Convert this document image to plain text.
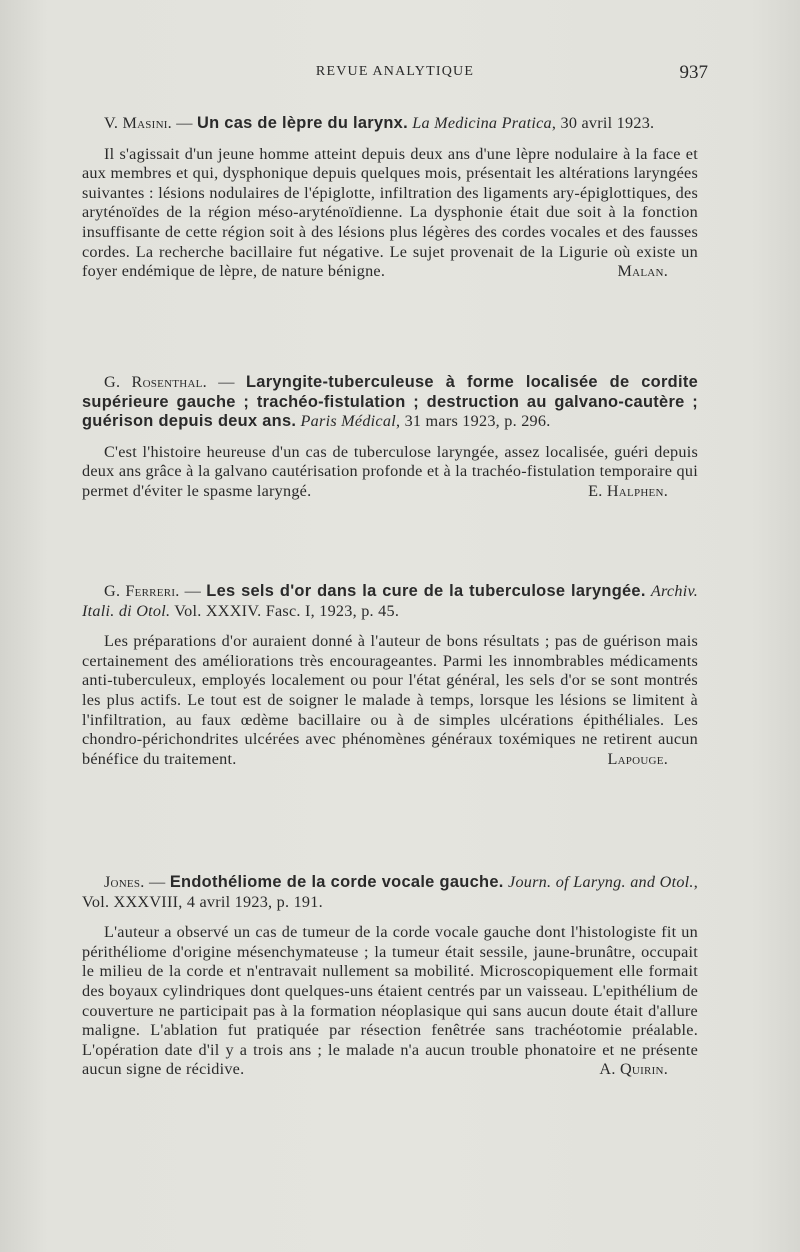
REVUE ANALYTIQUE	937

V. Masini. — Un cas de lèpre du larynx. La Medicina Pratica, 30 avril 1923.

Il s'agissait d'un jeune homme atteint depuis deux ans d'une lèpre nodulaire à la face et aux membres et qui, dysphonique depuis quelques mois, présentait les altérations laryngées suivantes : lésions nodulaires de l'épiglotte, infiltration des ligaments ary-épiglottiques, des aryténoïdes de la région méso-aryténoïdienne. La dysphonie était due soit à la fonction insuffisante de cette région soit à des lésions plus légères des cordes vocales et des fausses cordes. La recherche bacillaire fut négative. Le sujet provenait de la Ligurie où existe un foyer endémique de lèpre, de nature bénigne.	Malan.

G. Rosenthal. — Laryngite-tuberculeuse à forme localisée de cordite supérieure gauche ; trachéo-fistulation ; destruction au galvano-cautère ; guérison depuis deux ans. Paris Médical, 31 mars 1923, p. 296.

C'est l'histoire heureuse d'un cas de tuberculose laryngée, assez localisée, guéri depuis deux ans grâce à la galvano cautérisation profonde et à la trachéo-fistulation temporaire qui permet d'éviter le spasme laryngé.	E. Halphen.

G. Ferreri. — Les sels d'or dans la cure de la tuberculose laryngée. Archiv. Itali. di Otol. Vol. XXXIV. Fasc. I, 1923, p. 45.

Les préparations d'or auraient donné à l'auteur de bons résultats ; pas de guérison mais certainement des améliorations très encourageantes. Parmi les innombrables médicaments anti-tuberculeux, employés localement ou pour l'état général, les sels d'or se sont montrés les plus actifs. Le tout est de soigner le malade à temps, lorsque les lésions se limitent à l'infiltration, au faux œdème bacillaire ou à de simples ulcérations épithéliales. Les chondro-périchondrites ulcérées avec phénomènes généraux toxémiques ne retirent aucun bénéfice du traitement.	Lapouge.

Jones. — Endothéliome de la corde vocale gauche. Journ. of Laryng. and Otol., Vol. XXXVIII, 4 avril 1923, p. 191.

L'auteur a observé un cas de tumeur de la corde vocale gauche dont l'histologiste fit un périthéliome d'origine mésenchymateuse ; la tumeur était sessile, jaune-brunâtre, occupait le milieu de la corde et n'entravait nullement sa mobilité. Microscopiquement elle formait des boyaux cylindriques dont quelques-uns étaient centrés par un vaisseau. L'epithélium de couverture ne participait pas à la formation néoplasique qui sans aucun doute était d'allure maligne. L'ablation fut pratiquée par résection fenêtrée sans trachéotomie préalable. L'opération date d'il y a trois ans ; le malade n'a aucun trouble phonatoire et ne présente aucun signe de récidive.	A. Quirin.
